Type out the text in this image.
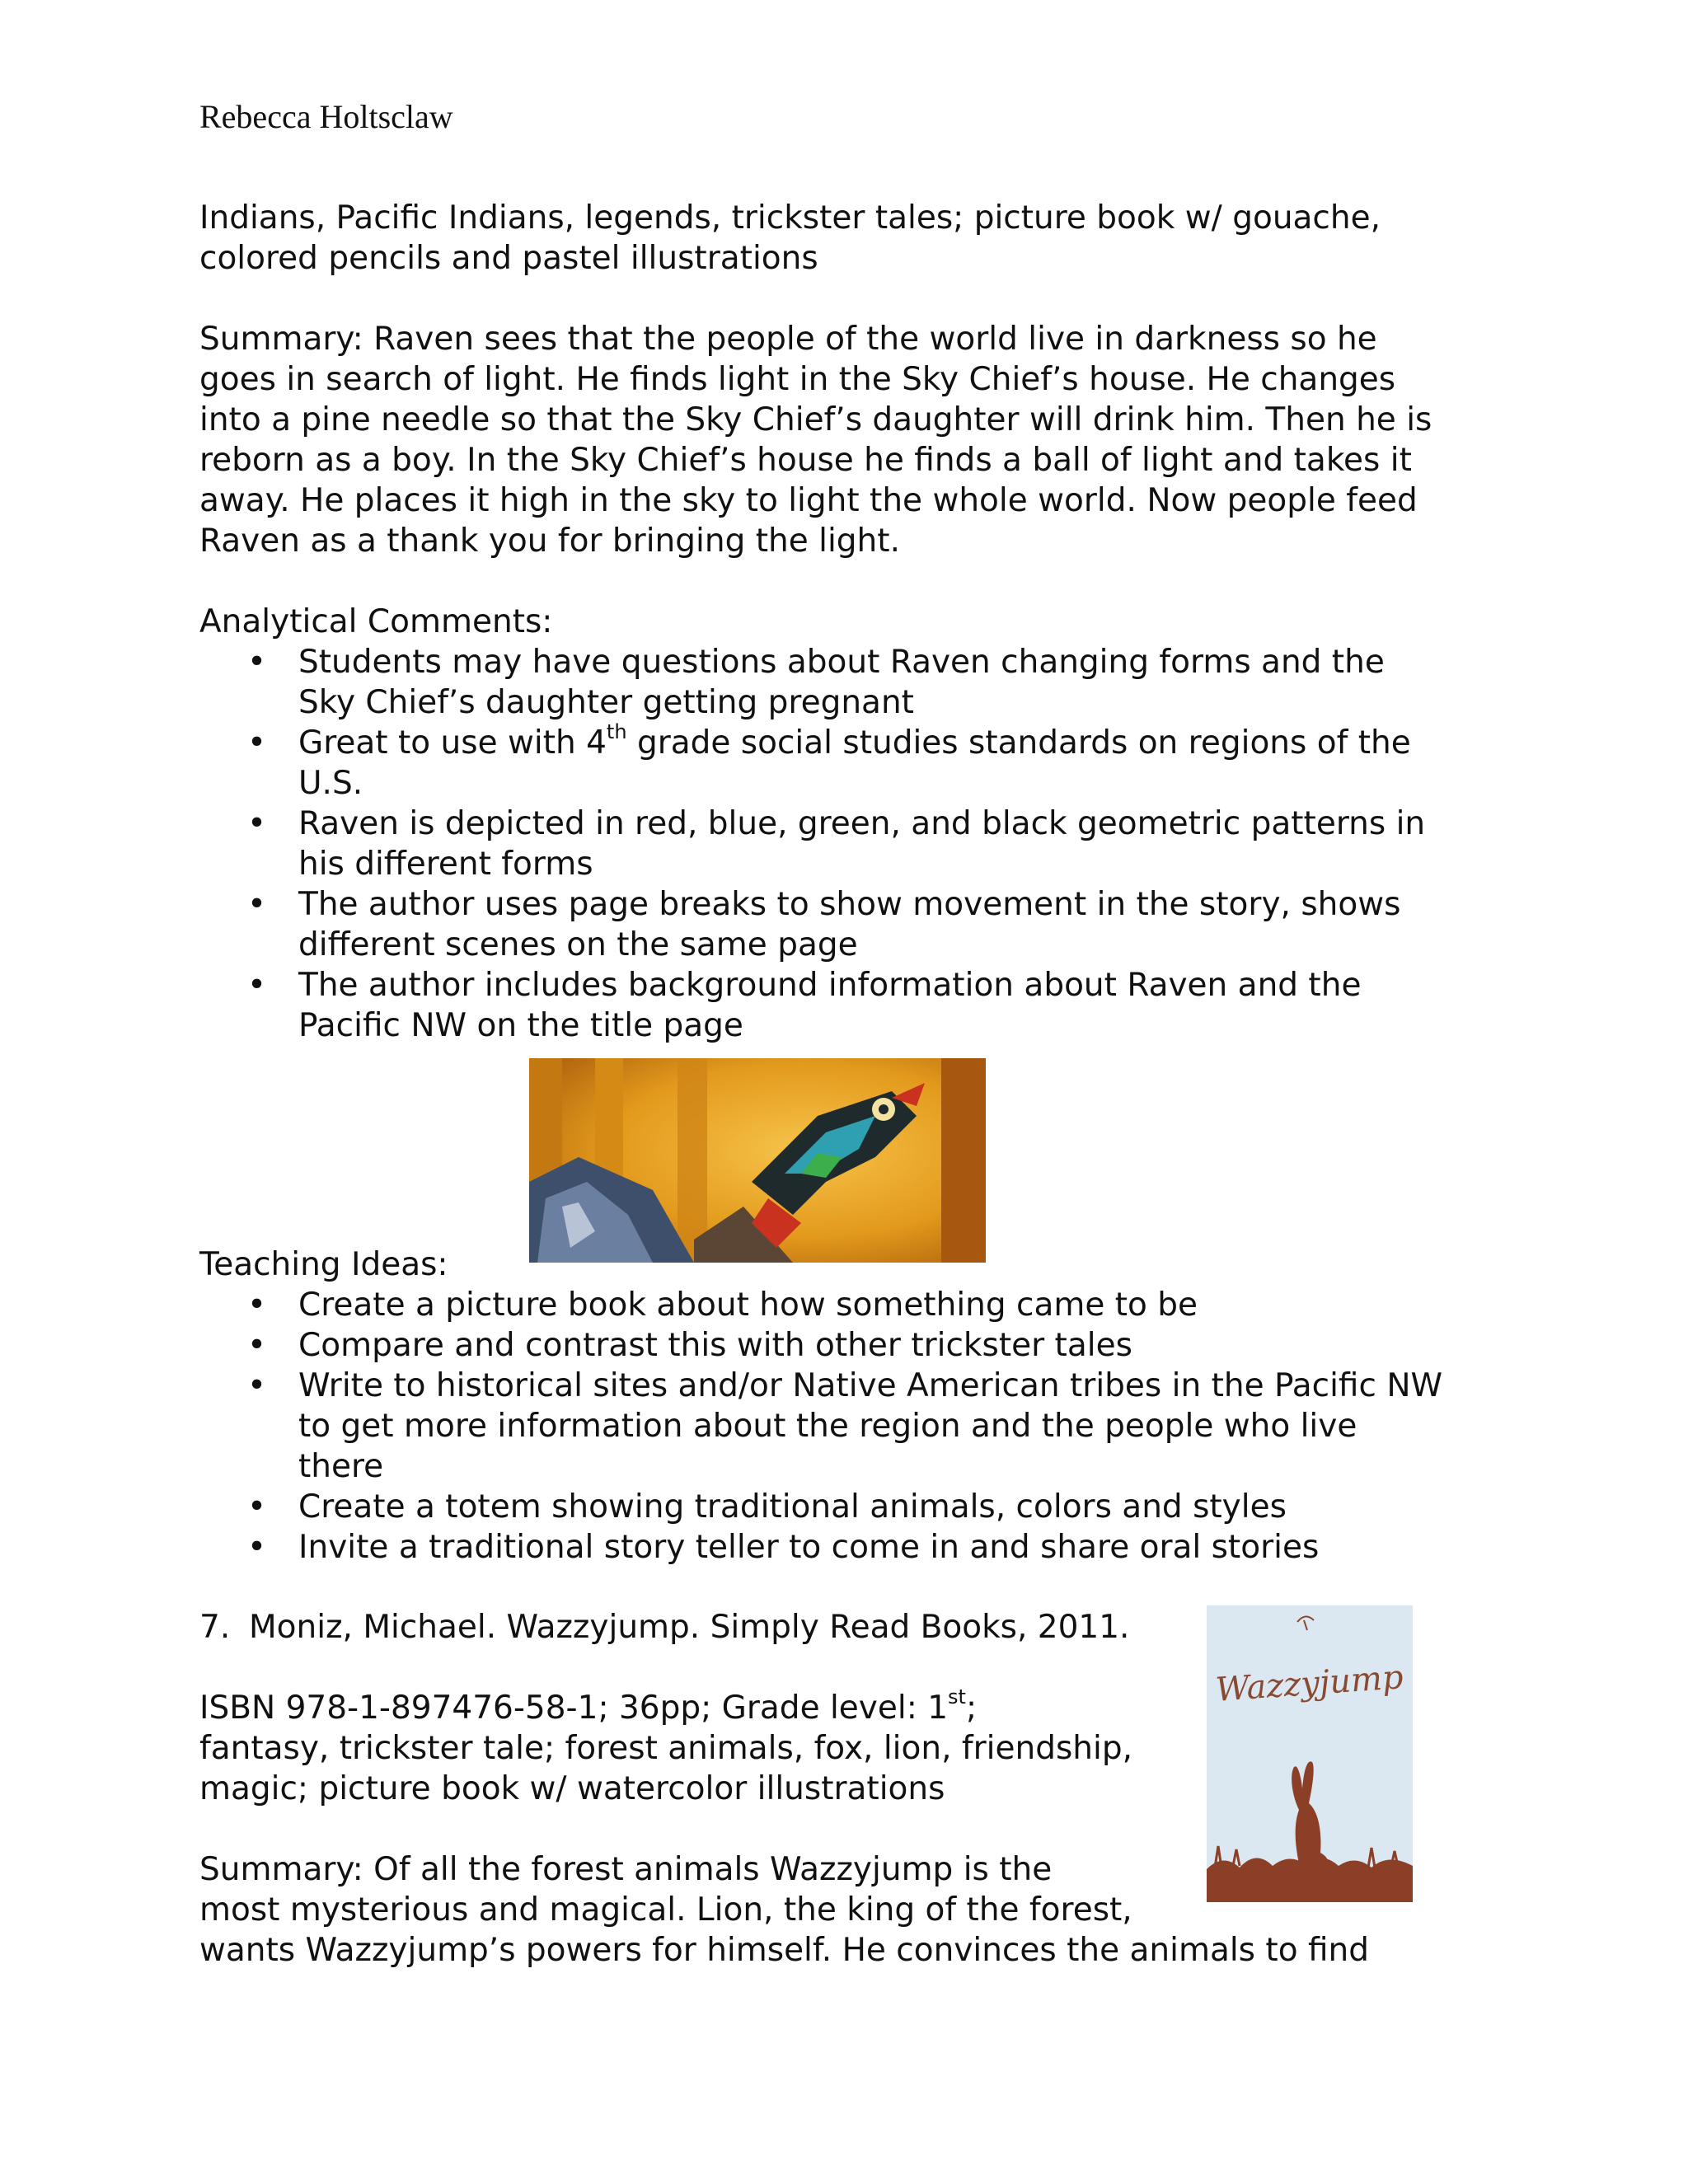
Rebecca Holtsclaw

Indians, Pacific Indians, legends, trickster tales; picture book w/ gouache,

colored pencils and pastel illustrations

Summary: Raven sees that the people of the world live in darkness so he

goes in search of light. He finds light in the Sky Chief’s house. He changes

into a pine needle so that the Sky Chief’s daughter will drink him. Then he is

reborn as a boy. In the Sky Chief’s house he finds a ball of light and takes it

away. He places it high in the sky to light the whole world. Now people feed

Raven as a thank you for bringing the light.

Analytical Comments:

• Students may have questions about Raven changing forms and the
Sky Chief’s daughter getting pregnant
• Great to use with 4th grade social studies standards on regions of the
U.S.
• Raven is depicted in red, blue, green, and black geometric patterns in
his different forms
• The author uses page breaks to show movement in the story, shows
different scenes on the same page
• The author includes background information about Raven and the
Pacific NW on the title page

Teaching Ideas:

• Create a picture book about how something came to be
• Compare and contrast this with other trickster tales
• Write to historical sites and/or Native American tribes in the Pacific NW
to get more information about the region and the people who live
there
• Create a totem showing traditional animals, colors and styles
• Invite a traditional story teller to come in and share oral stories

7. Moniz, Michael. Wazzyjump. Simply Read Books, 2011.

ISBN 978-1-897476-58-1; 36pp; Grade level: 1st;

fantasy, trickster tale; forest animals, fox, lion, friendship,

magic; picture book w/ watercolor illustrations

Summary: Of all the forest animals Wazzyjump is the

most mysterious and magical. Lion, the king of the forest,

Wazzyjump

wants Wazzyjump’s powers for himself. He convinces the animals to find
